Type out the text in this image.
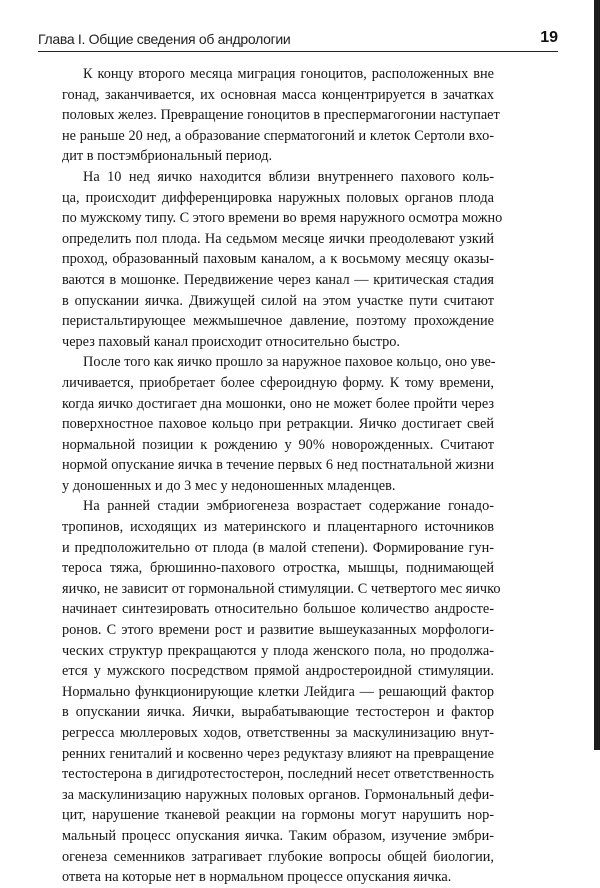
Глава I. Общие сведения об андрологии	19
К концу второго месяца миграция гоноцитов, расположенных вне
гонад, заканчивается, их основная масса концентрируется в зачатках
половых желез. Превращение гоноцитов в преспермагогонии наступает
не раньше 20 нед, а образование сперматогоний и клеток Сертоли вхо-
дит в постэмбриональный период.
На 10 нед яичко находится вблизи внутреннего пахового коль-
ца, происходит дифференцировка наружных половых органов плода
по мужскому типу. С этого времени во время наружного осмотра можно
определить пол плода. На седьмом месяце яички преодолевают узкий
проход, образованный паховым каналом, а к восьмому месяцу оказы-
ваются в мошонке. Передвижение через канал — критическая стадия
в опускании яичка. Движущей силой на этом участке пути считают
перистальтирующее межмышечное давление, поэтому прохождение
через паховый канал происходит относительно быстро.
После того как яичко прошло за наружное паховое кольцо, оно уве-
личивается, приобретает более сфероидную форму. К тому времени,
когда яичко достигает дна мошонки, оно не может более пройти через
поверхностное паховое кольцо при ретракции. Яичко достигает свей
нормальной позиции к рождению у 90% новорожденных. Считают
нормой опускание яичка в течение первых 6 нед постнатальной жизни
у доношенных и до 3 мес у недоношенных младенцев.
На ранней стадии эмбриогенеза возрастает содержание гонадо-
тропинов, исходящих из материнского и плацентарного источников
и предположительно от плода (в малой степени). Формирование гун-
тероса тяжа, брюшинно-пахового отростка, мышцы, поднимающей
яичко, не зависит от гормональной стимуляции. С четвертого мес яичко
начинает синтезировать относительно большое количество андростe-
ронов. С этого времени рост и развитие вышеуказанных морфологи-
ческих структур прекращаются у плода женского пола, но продолжа-
ется у мужского посредством прямой андростероидной стимуляции.
Нормально функционирующие клетки Лейдига — решающий фактор
в опускании яичка. Яички, вырабатывающие тестостерон и фактор
регресса мюллеровых ходов, ответственны за маскулинизацию внут-
ренних гениталий и косвенно через редуктазу влияют на превращение
тестостерона в дигидротестостерон, последний несет ответственность
за маскулинизацию наружных половых органов. Гормональный дефи-
цит, нарушение тканевой реакции на гормоны могут нарушить нор-
мальный процесс опускания яичка. Таким образом, изучение эмбри-
огенеза семенников затрагивает глубокие вопросы общей биологии,
ответа на которые нет в нормальном процессе опускания яичка.
